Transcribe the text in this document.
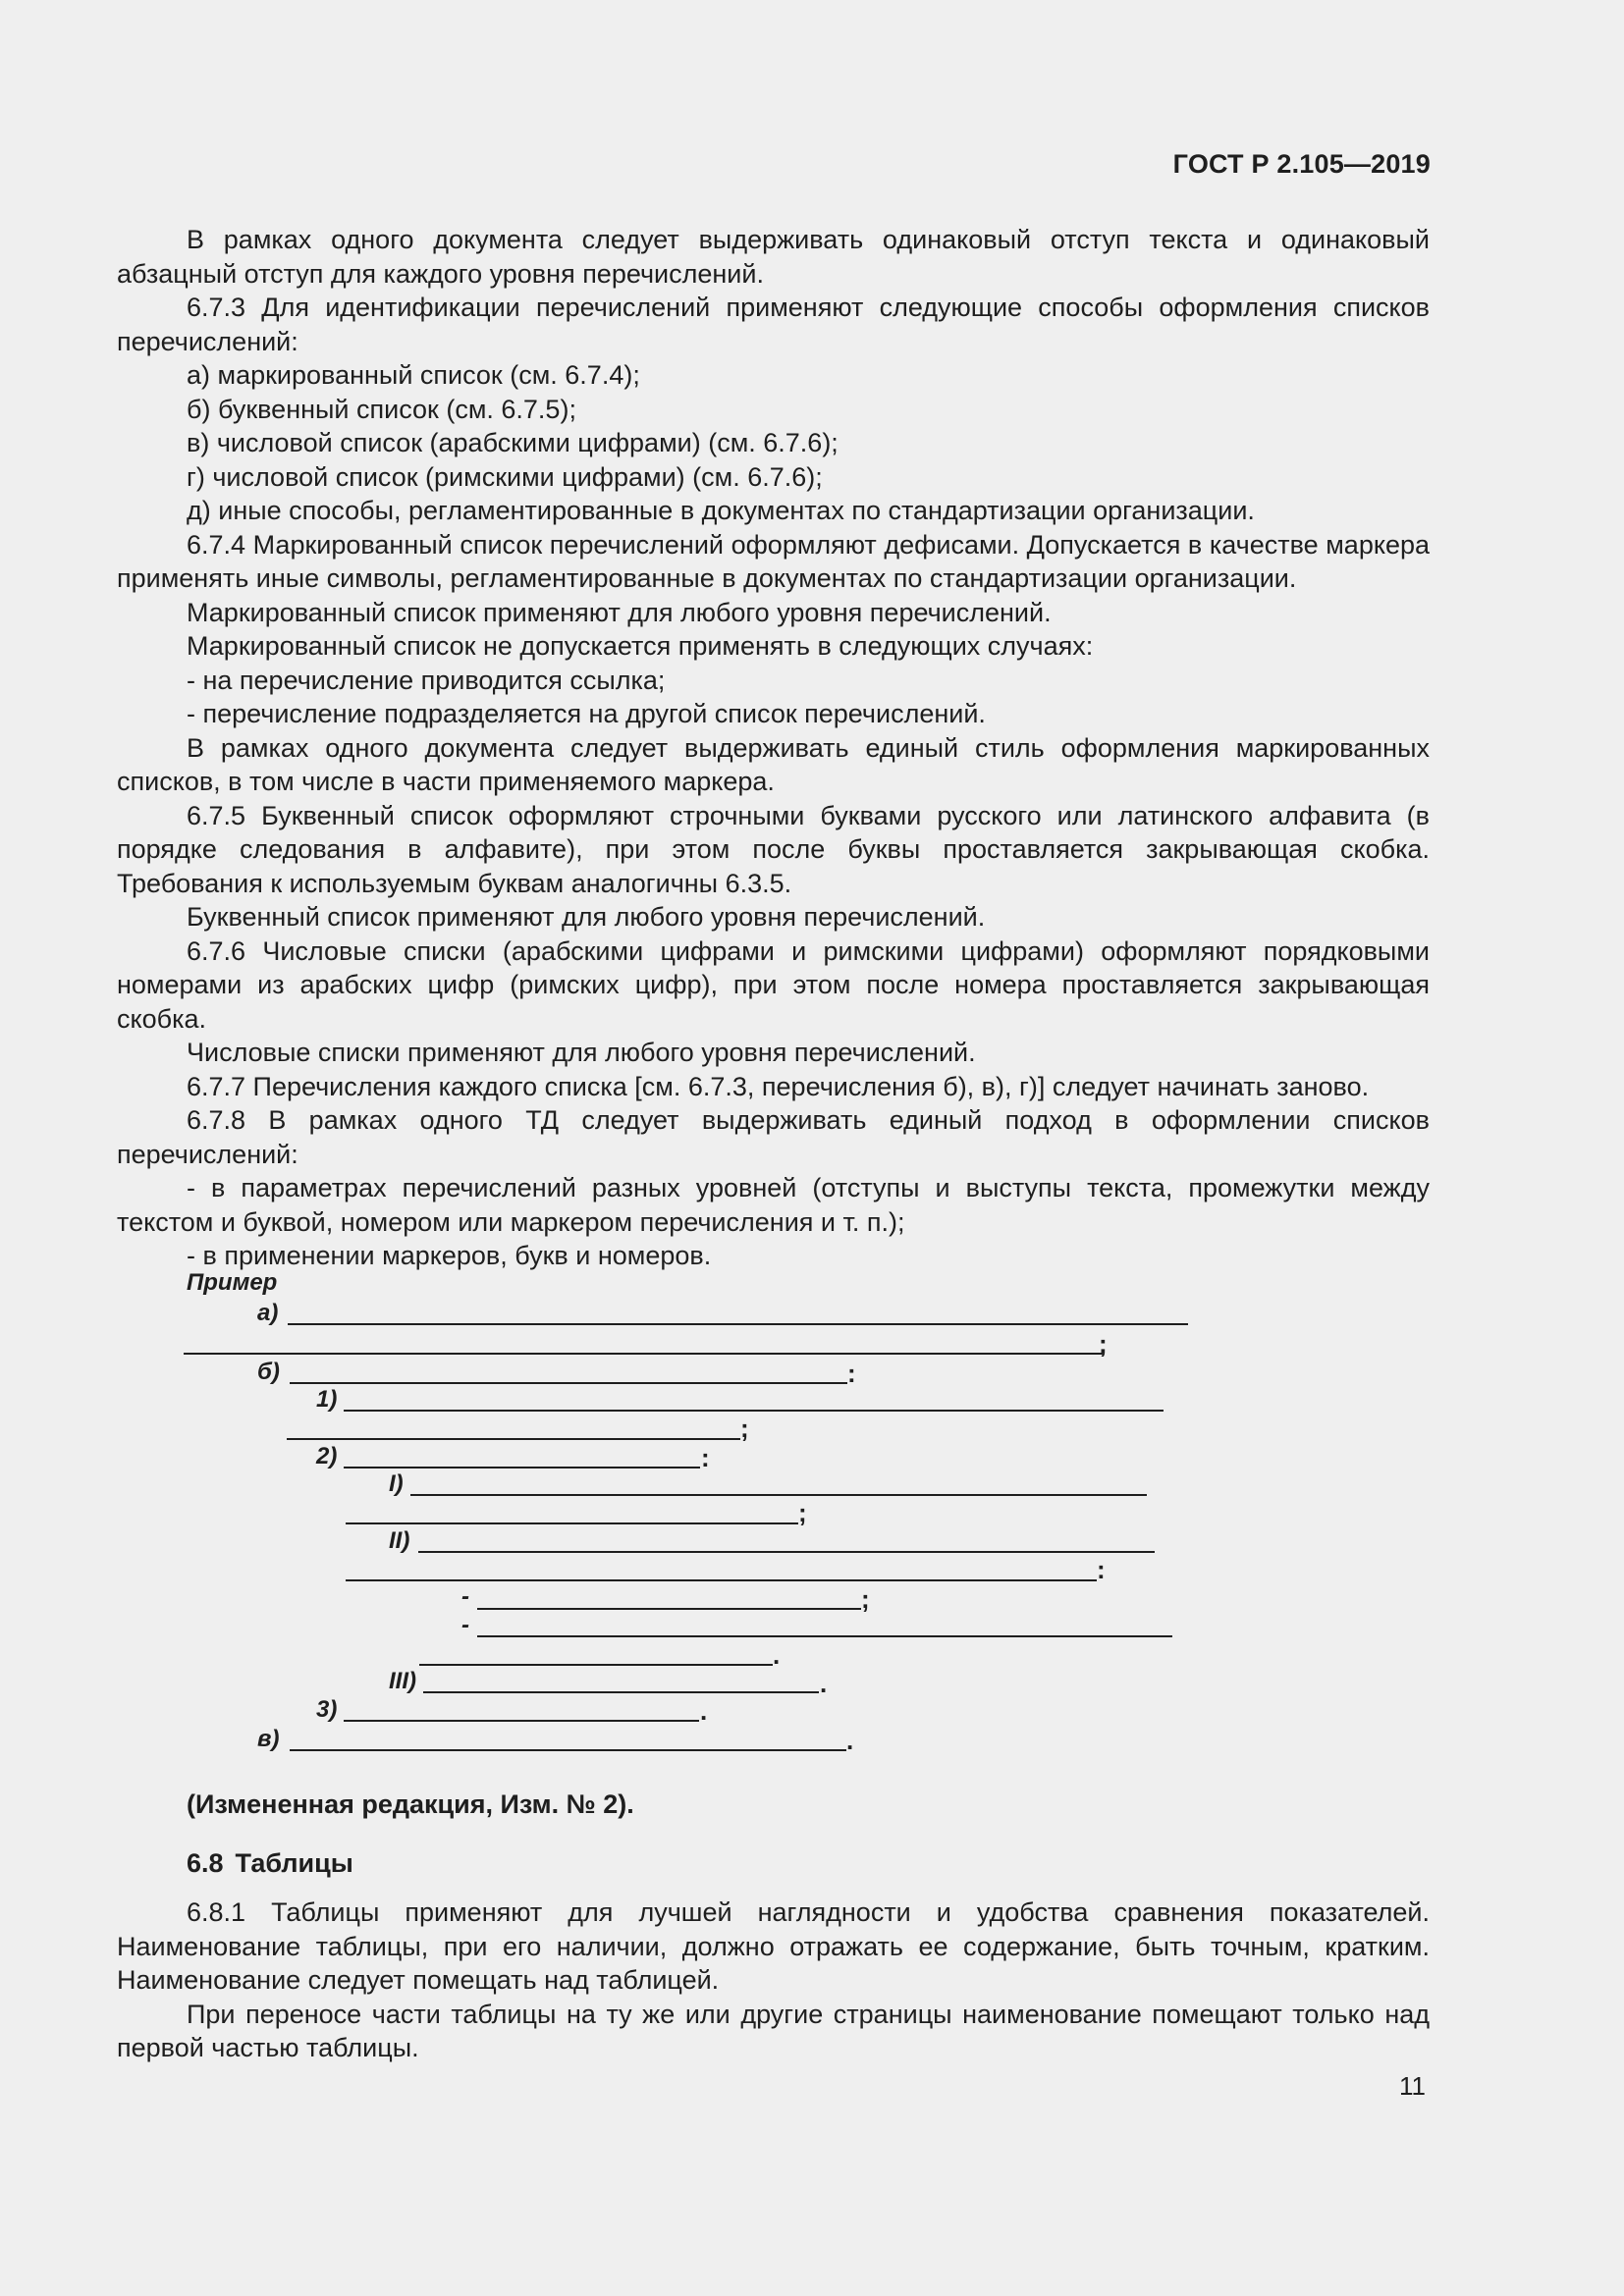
ГОСТ Р 2.105—2019

В рамках одного документа следует выдерживать одинаковый отступ текста и одинаковый абзацный отступ для каждого уровня перечислений.

6.7.3 Для идентификации перечислений применяют следующие способы оформления списков перечислений:

а) маркированный список (см. 6.7.4);

б) буквенный список (см. 6.7.5);

в) числовой список (арабскими цифрами) (см. 6.7.6);

г) числовой список (римскими цифрами) (см. 6.7.6);

д) иные способы, регламентированные в документах по стандартизации организации.

6.7.4 Маркированный список перечислений оформляют дефисами. Допускается в качестве маркера применять иные символы, регламентированные в документах по стандартизации организации.

Маркированный список применяют для любого уровня перечислений.

Маркированный список не допускается применять в следующих случаях:

- на перечисление приводится ссылка;

- перечисление подразделяется на другой список перечислений.

В рамках одного документа следует выдерживать единый стиль оформления маркированных списков, в том числе в части применяемого маркера.

6.7.5 Буквенный список оформляют строчными буквами русского или латинского алфавита (в порядке следования в алфавите), при этом после буквы проставляется закрывающая скобка. Требования к используемым буквам аналогичны 6.3.5.

Буквенный список применяют для любого уровня перечислений.

6.7.6 Числовые списки (арабскими цифрами и римскими цифрами) оформляют порядковыми номерами из арабских цифр (римских цифр), при этом после номера проставляется закрывающая скобка.

Числовые списки применяют для любого уровня перечислений.

6.7.7 Перечисления каждого списка [см. 6.7.3, перечисления б), в), г)] следует начинать заново.

6.7.8 В рамках одного ТД следует выдерживать единый подход в оформлении списков перечислений:

- в параметрах перечислений разных уровней (отступы и выступы текста, промежутки между текстом и буквой, номером или маркером перечисления и т. п.);

- в применении маркеров, букв и номеров.

Пример
а)
;
б)	:
1)
;
2)	:
I)
;
II)
:
-	;
-
.
III)	.
3)	.
в)	.
(Измененная редакция, Изм. № 2).
6.8 Таблицы

6.8.1 Таблицы применяют для лучшей наглядности и удобства сравнения показателей. Наименование таблицы, при его наличии, должно отражать ее содержание, быть точным, кратким. Наименование следует помещать над таблицей.

При переносе части таблицы на ту же или другие страницы наименование помещают только над первой частью таблицы.

11
